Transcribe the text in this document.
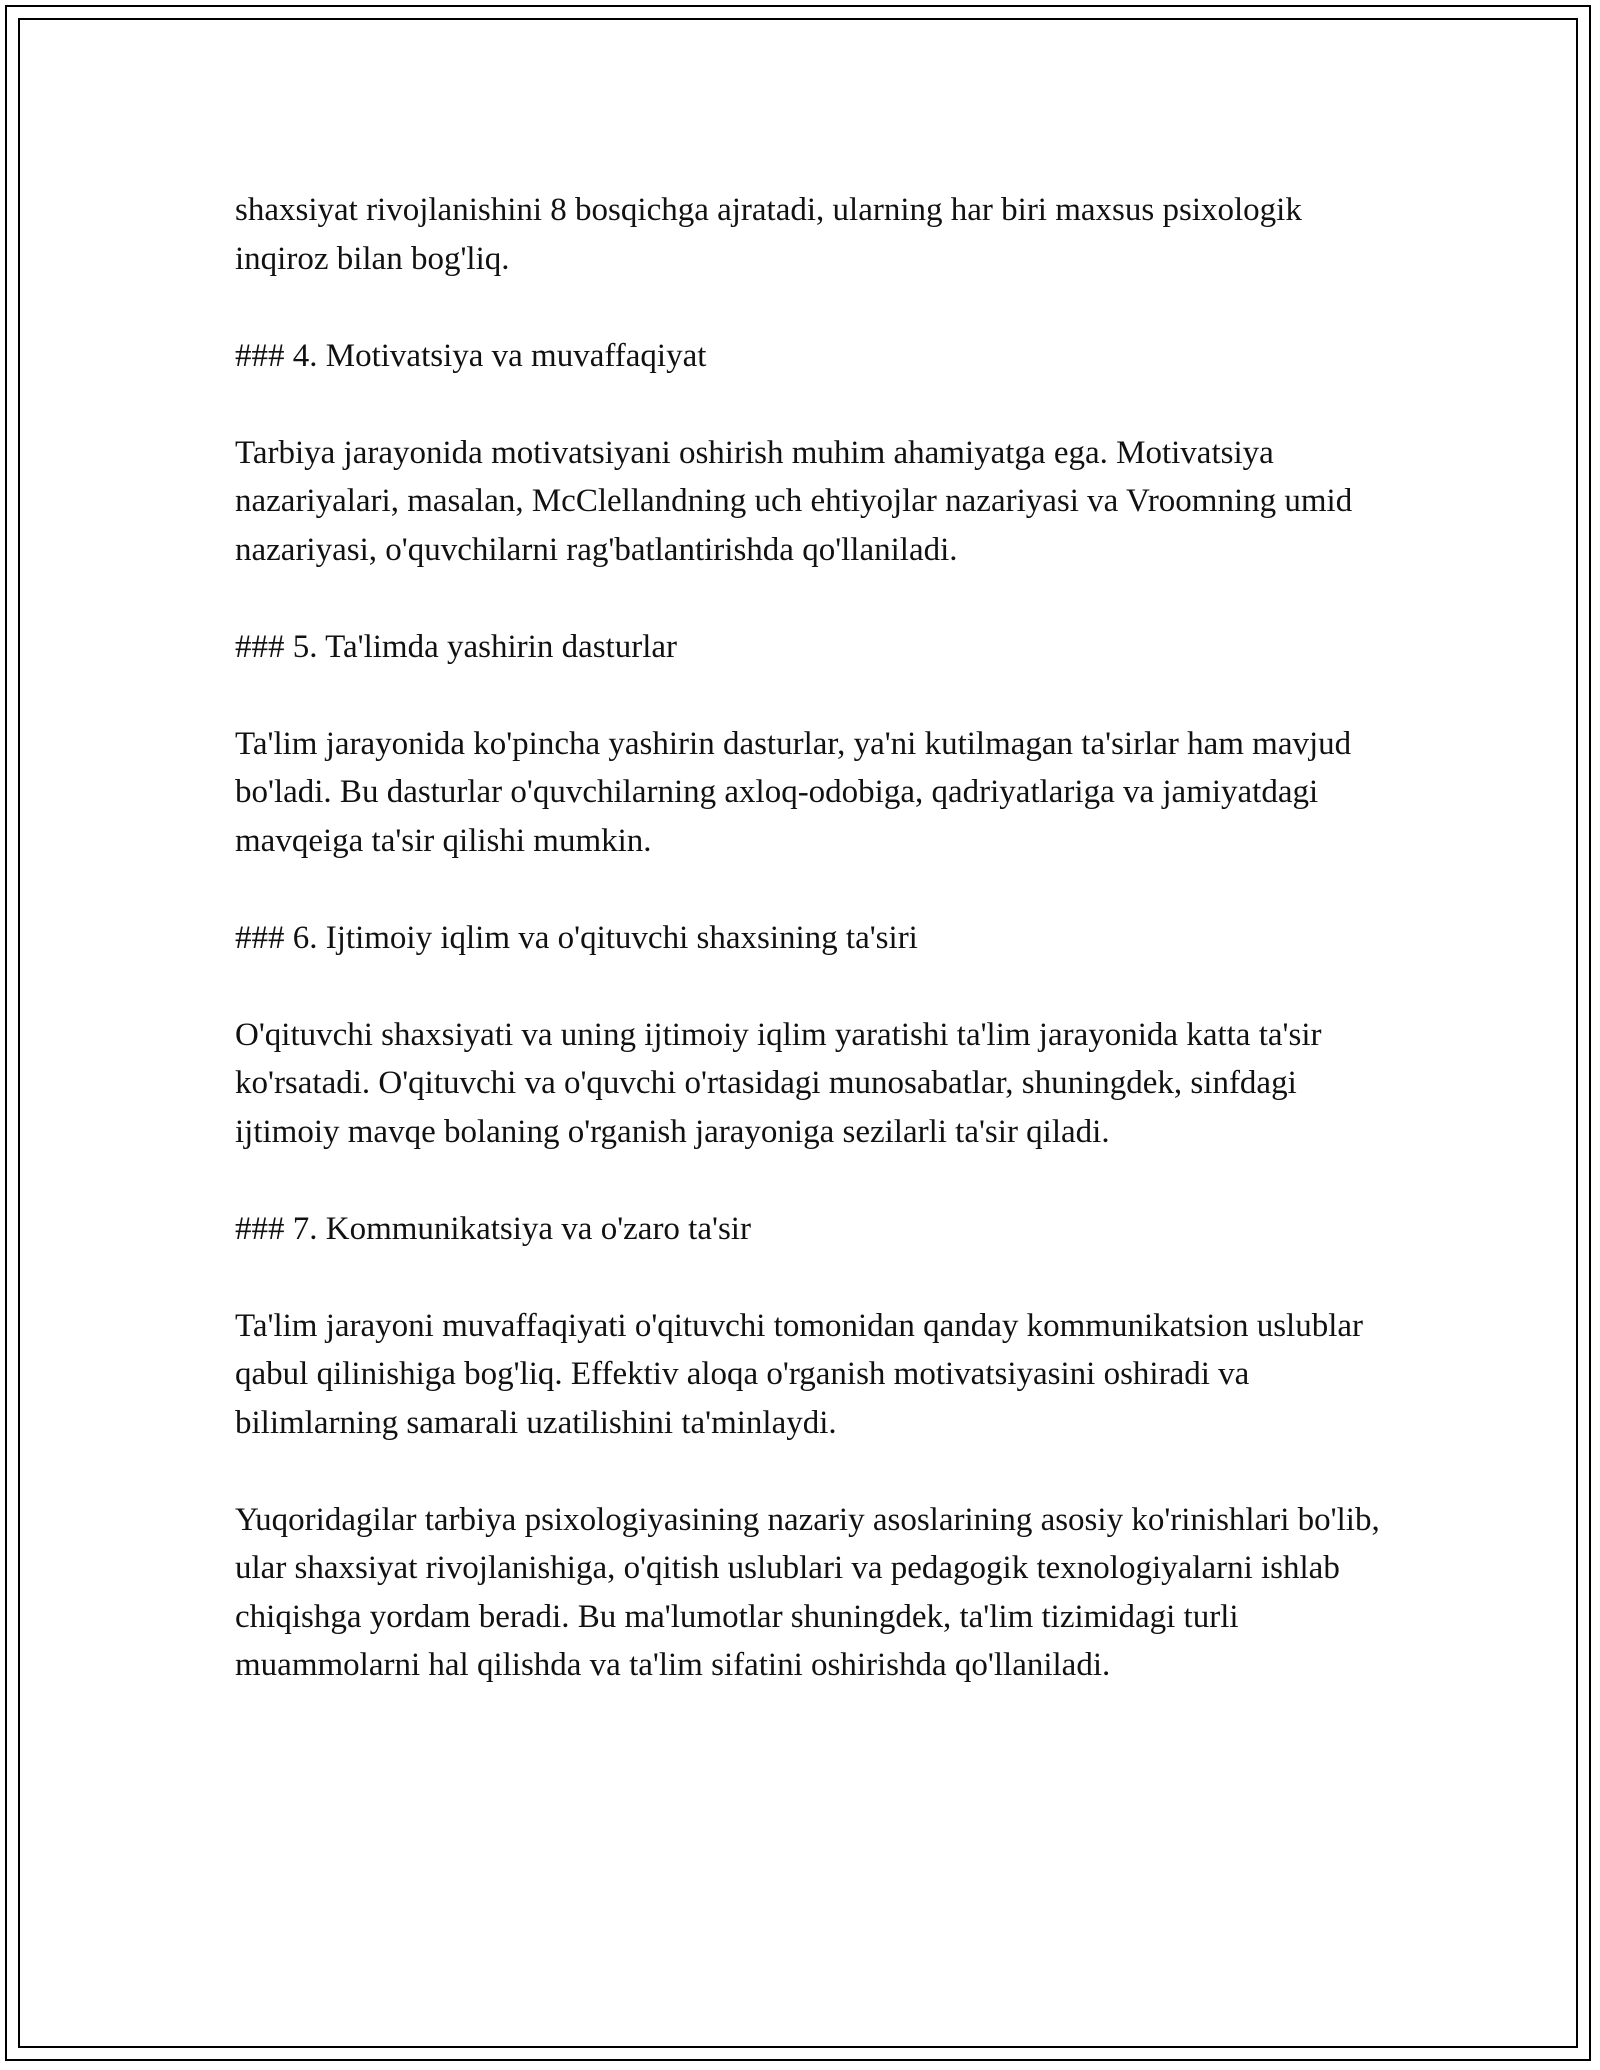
shaxsiyat rivojlanishini 8 bosqichga ajratadi, ularning har biri maxsus psixologik inqiroz bilan bog'liq.

### 4. Motivatsiya va muvaffaqiyat

Tarbiya jarayonida motivatsiyani oshirish muhim ahamiyatga ega. Motivatsiya nazariyalari, masalan, McClellandning uch ehtiyojlar nazariyasi va Vroomning umid nazariyasi, o'quvchilarni rag'batlantirishda qo'llaniladi.

### 5. Ta'limda yashirin dasturlar

Ta'lim jarayonida ko'pincha yashirin dasturlar, ya'ni kutilmagan ta'sirlar ham mavjud bo'ladi. Bu dasturlar o'quvchilarning axloq-odobiga, qadriyatlariga va jamiyatdagi mavqeiga ta'sir qilishi mumkin.

### 6. Ijtimoiy iqlim va o'qituvchi shaxsining ta'siri

O'qituvchi shaxsiyati va uning ijtimoiy iqlim yaratishi ta'lim jarayonida katta ta'sir ko'rsatadi. O'qituvchi va o'quvchi o'rtasidagi munosabatlar, shuningdek, sinfdagi ijtimoiy mavqe bolaning o'rganish jarayoniga sezilarli ta'sir qiladi.

### 7. Kommunikatsiya va o'zaro ta'sir

Ta'lim jarayoni muvaffaqiyati o'qituvchi tomonidan qanday kommunikatsion uslublar qabul qilinishiga bog'liq. Effektiv aloqa o'rganish motivatsiyasini oshiradi va bilimlarning samarali uzatilishini ta'minlaydi.

Yuqoridagilar tarbiya psixologiyasining nazariy asoslarining asosiy ko'rinishlari bo'lib, ular shaxsiyat rivojlanishiga, o'qitish uslublari va pedagogik texnologiyalarni ishlab chiqishga yordam beradi. Bu ma'lumotlar shuningdek, ta'lim tizimidagi turli muammolarni hal qilishda va ta'lim sifatini oshirishda qo'llaniladi.
